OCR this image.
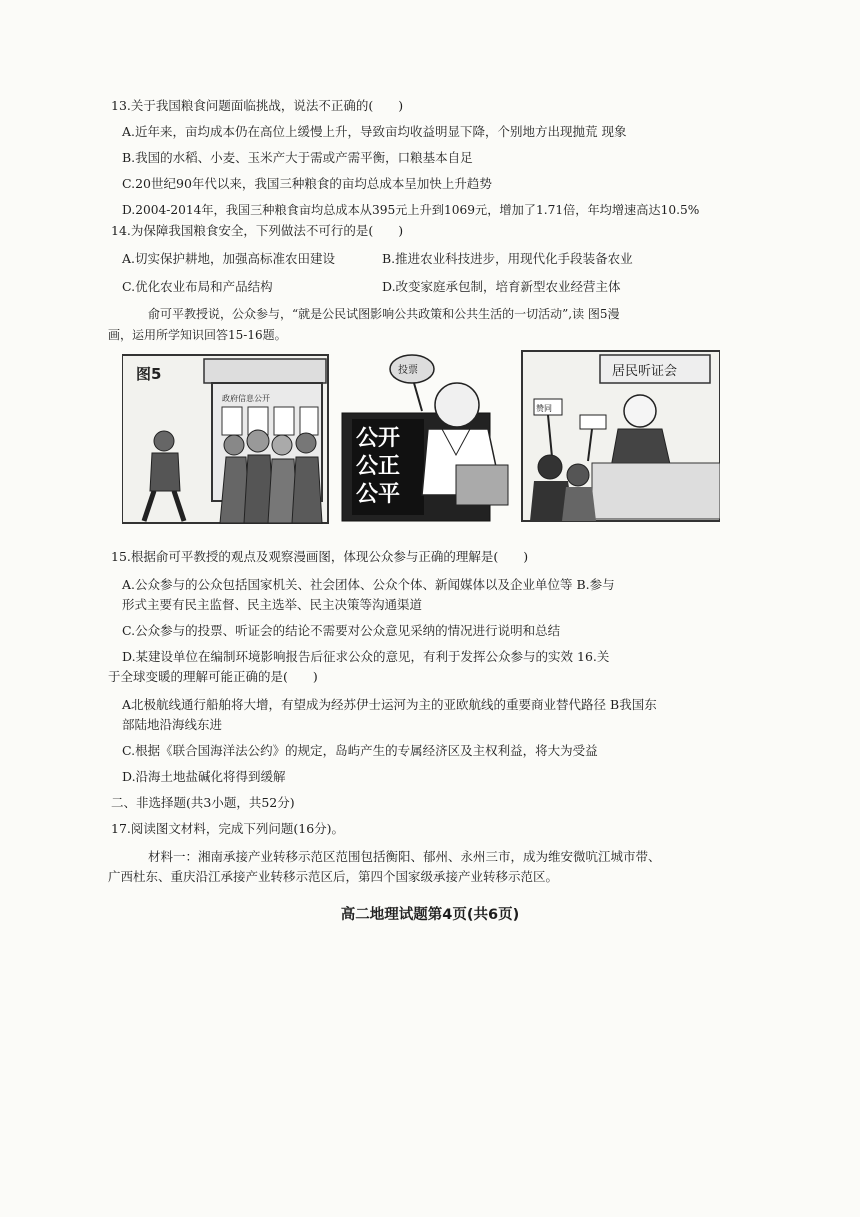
13.关于我国粮食问题面临挑战，说法不正确的(　　)
A.近年来，亩均成本仍在高位上缓慢上升，导致亩均收益明显下降，个别地方出现抛荒 现象
B.我国的水稻、小麦、玉米产大于需或产需平衡，口粮基本自足
C.20世纪90年代以来，我国三种粮食的亩均总成本呈加快上升趋势
D.2004-2014年，我国三种粮食亩均总成本从395元上升到1069元，增加了1.71倍，年均增速高达10.5%
14.为保障我国粮食安全，下列做法不可行的是(　　)
A.切实保护耕地，加强高标准农田建设	B.推进农业科技进步，用现代化手段装备农业
C.优化农业布局和产品结构	D.改变家庭承包制，培育新型农业经营主体
俞可平教授说，公众参与，“就是公民试图影响公共政策和公共生活的一切活动”,读 图5漫
画，运用所学知识回答15-16题。
图5
政府信息公开
公开
公正
公平
投票	居民听证会
赞同
15.根据俞可平教授的观点及观察漫画图，体现公众参与正确的理解是(　　)
A.公众参与的公众包括国家机关、社会团体、公众个体、新闻媒体以及企业单位等 B.参与
形式主要有民主监督、民主选举、民主决策等沟通渠道
C.公众参与的投票、听证会的结论不需要对公众意见采纳的情况进行说明和总结
D.某建设单位在编制环境影响报告后征求公众的意见，有利于发挥公众参与的实效 16.关
于全球变暖的理解可能正确的是(　　)
A北极航线通行船舶将大增，有望成为经苏伊士运河为主的亚欧航线的重要商业替代路径 B我国东
部陆地沿海线东进
C.根据《联合国海洋法公约》的规定，岛屿产生的专属经济区及主权利益，将大为受益
D.沿海土地盐碱化将得到缓解
二、非选择题(共3小题，共52分)
17.阅读图文材料，完成下列问题(16分)。
材料一：湘南承接产业转移示范区范围包括衡阳、郁州、永州三市，成为维安微吭江城市带、
广西杜东、重庆沿江承接产业转移示范区后，第四个国家级承接产业转移示范区。
高二地理试题第4页(共6页)
